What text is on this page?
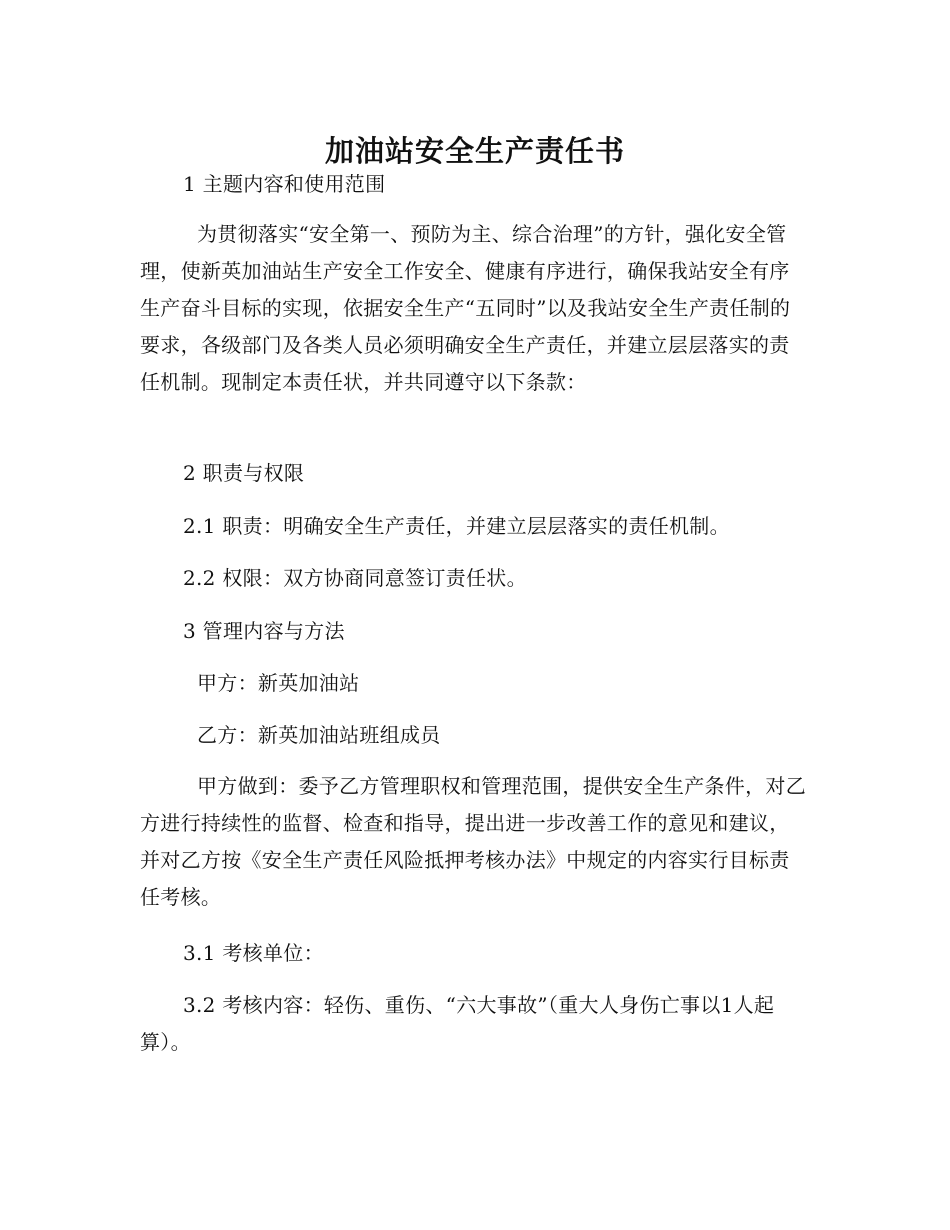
加油站安全生产责任书

1 主题内容和使用范围

为贯彻落实“安全第一、预防为主、综合治理”的方针，强化安全管理，使新英加油站生产安全工作安全、健康有序进行，确保我站安全有序生产奋斗目标的实现，依据安全生产“五同时”以及我站安全生产责任制的要求，各级部门及各类人员必须明确安全生产责任，并建立层层落实的责任机制。现制定本责任状，并共同遵守以下条款：

2 职责与权限

2.1 职责：明确安全生产责任，并建立层层落实的责任机制。

2.2 权限：双方协商同意签订责任状。

3 管理内容与方法

甲方：新英加油站

乙方：新英加油站班组成员

甲方做到：委予乙方管理职权和管理范围，提供安全生产条件，对乙方进行持续性的监督、检查和指导，提出进一步改善工作的意见和建议，并对乙方按《安全生产责任风险抵押考核办法》中规定的内容实行目标责任考核。

3.1 考核单位：

3.2 考核内容：轻伤、重伤、“六大事故”（重大人身伤亡事以1人起算）。
